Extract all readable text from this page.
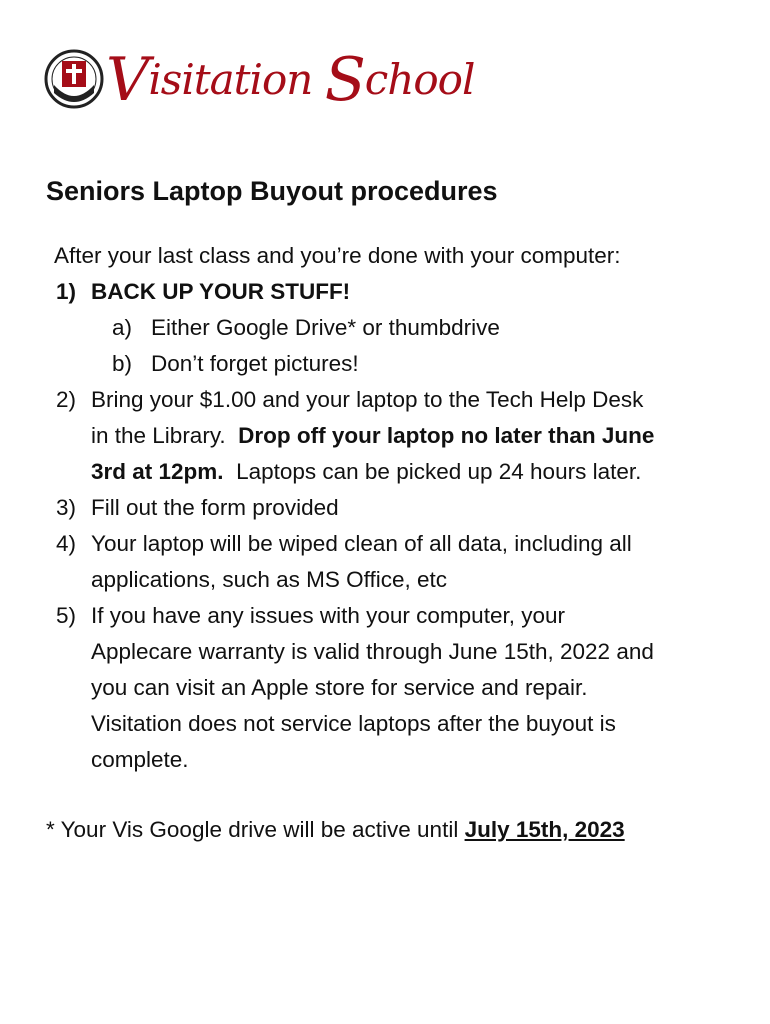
Visitation School
Seniors Laptop Buyout procedures
After your last class and you’re done with your computer:
1) BACK UP YOUR STUFF!
a) Either Google Drive* or thumbdrive
b) Don’t forget pictures!
2) Bring your $1.00 and your laptop to the Tech Help Desk
in the Library.  Drop off your laptop no later than June
3rd at 12pm.  Laptops can be picked up 24 hours later.
3) Fill out the form provided
4) Your laptop will be wiped clean of all data, including all
applications, such as MS Office, etc
5) If you have any issues with your computer, your
Applecare warranty is valid through June 15th, 2022 and
you can visit an Apple store for service and repair.
Visitation does not service laptops after the buyout is
complete.
* Your Vis Google drive will be active until July 15th, 2023
